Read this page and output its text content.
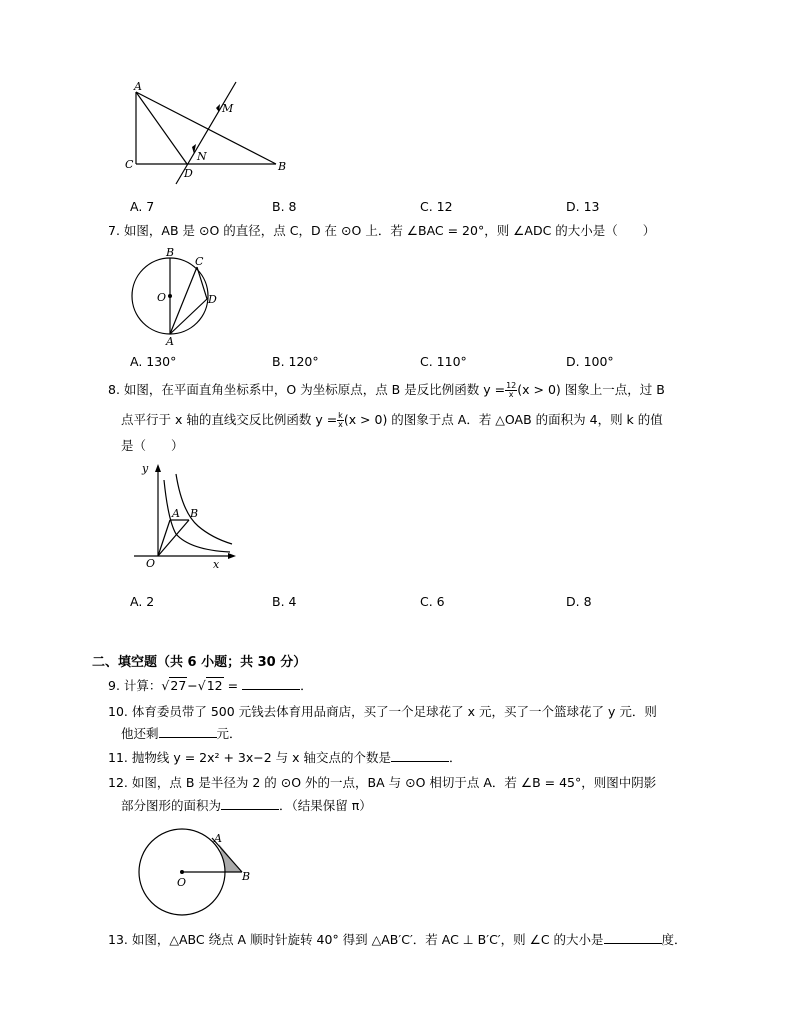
A
M
N
C
D
B
A. 7	B. 8	C. 12	D. 13
7. 如图，AB 是 ⊙O 的直径，点 C，D 在 ⊙O 上．若 ∠BAC = 20°，则 ∠ADC 的大小是（　　）
B
C
O	D
A
A. 130°	B. 120°	C. 110°	D. 100°
8. 如图，在平面直角坐标系中，O 为坐标原点，点 B 是反比例函数 $y = \frac{12}{x} (x > 0)$ 图象上一点，过 B
点平行于 x 轴的直线交反比例函数 $y = \frac{k}{x} (x > 0)$ 的图象于点 A．若 △OAB 的面积为 4，则 k 的值
是（　　）
y
A B
O	x
A. 2	B. 4	C. 6	D. 8
二、填空题（共 6 小题；共 30 分）
9. 计算：√27−√12 =	．
10. 体育委员带了 500 元钱去体育用品商店，买了一个足球花了 x 元，买了一个篮球花了 y 元．则
他还剩	元．
11. 抛物线 y = 2x² + 3x−2 与 x 轴交点的个数是	．
12. 如图，点 B 是半径为 2 的 ⊙O 外的一点，BA 与 ⊙O 相切于点 A．若 ∠B = 45°，则图中阴影
部分图形的面积为	．（结果保留 π）
A
O	B
13. 如图，△ABC 绕点 A 顺时针旋转 40° 得到 △AB′C′．若 AC ⊥ B′C′，则 ∠C 的大小是	度．
